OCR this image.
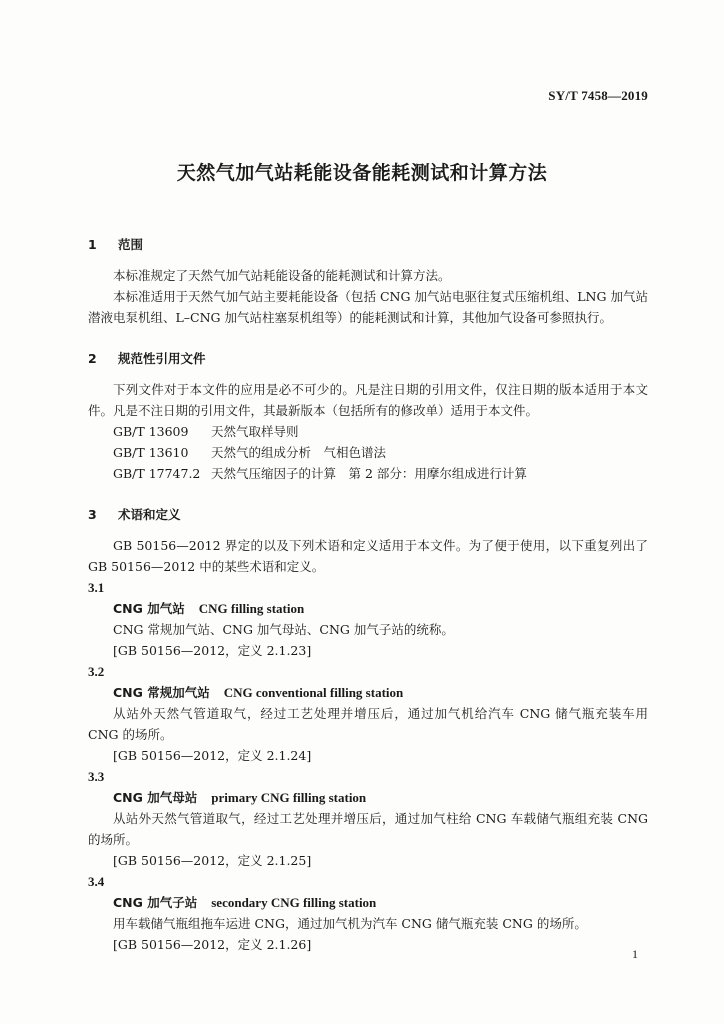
SY/T 7458—2019
天然气加气站耗能设备能耗测试和计算方法

1 范围

本标准规定了天然气加气站耗能设备的能耗测试和计算方法。

本标准适用于天然气加气站主要耗能设备（包括 CNG 加气站电驱往复式压缩机组、LNG 加气站潜液电泵机组、L–CNG 加气站柱塞泵机组等）的能耗测试和计算，其他加气设备可参照执行。

2 规范性引用文件

下列文件对于本文件的应用是必不可少的。凡是注日期的引用文件，仅注日期的版本适用于本文件。凡是不注日期的引用文件，其最新版本（包括所有的修改单）适用于本文件。

GB/T 13609 天然气取样导则

GB/T 13610 天然气的组成分析　气相色谱法

GB/T 17747.2 天然气压缩因子的计算　第 2 部分：用摩尔组成进行计算

3 术语和定义

GB 50156—2012 界定的以及下列术语和定义适用于本文件。为了便于使用，以下重复列出了 GB 50156—2012 中的某些术语和定义。

3.1

CNG 加气站 CNG filling station

CNG 常规加气站、CNG 加气母站、CNG 加气子站的统称。

[GB 50156—2012，定义 2.1.23]

3.2

CNG 常规加气站 CNG conventional filling station

从站外天然气管道取气，经过工艺处理并增压后，通过加气机给汽车 CNG 储气瓶充装车用 CNG 的场所。

[GB 50156—2012，定义 2.1.24]

3.3

CNG 加气母站 primary CNG filling station

从站外天然气管道取气，经过工艺处理并增压后，通过加气柱给 CNG 车载储气瓶组充装 CNG 的场所。

[GB 50156—2012，定义 2.1.25]

3.4

CNG 加气子站 secondary CNG filling station

用车载储气瓶组拖车运进 CNG，通过加气机为汽车 CNG 储气瓶充装 CNG 的场所。

[GB 50156—2012，定义 2.1.26]

1
